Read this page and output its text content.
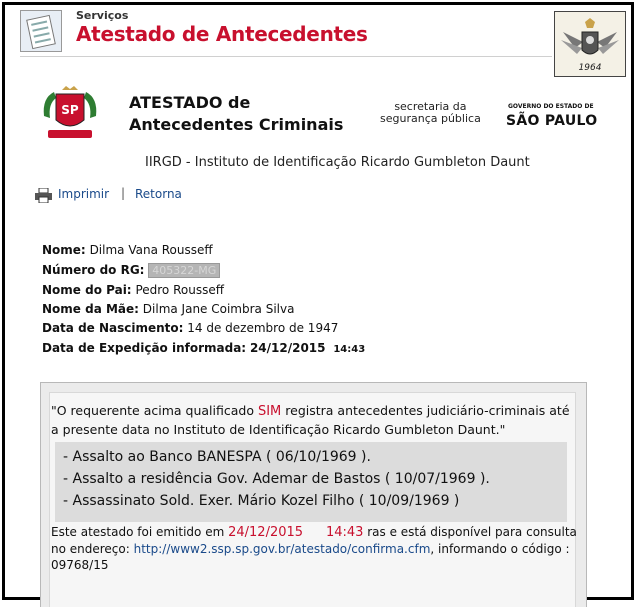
Serviços
Atestado de Antecedentes
1964
SP	ATESTADO de
Antecedentes Criminais
secretaria da
segurança pública
GOVERNO DO ESTADO DE
SÃO PAULO
IIRGD - Instituto de Identificação Ricardo Gumbleton Daunt
Imprimir | Retorna
Nome: Dilma Vana Rousseff
Número do RG: 405322-MG
Nome do Pai: Pedro Rousseff
Nome da Mãe: Dilma Jane Coimbra Silva
Data de Nascimento: 14 de dezembro de 1947
Data de Expedição informada: 24/12/2015 14:43
"O requerente acima qualificado SIM registra antecedentes judiciário-criminais até a presente data no Instituto de Identificação Ricardo Gumbleton Daunt."
- Assalto ao Banco BANESPA ( 06/10/1969 ).
- Assalto a residência Gov. Ademar de Bastos ( 10/07/1969 ).
- Assassinato Sold. Exer. Mário Kozel Filho ( 10/09/1969 )
Este atestado foi emitido em 24/12/2015 14:43 ras e está disponível para consulta no endereço: http://www2.ssp.sp.gov.br/atestado/confirma.cfm, informando o código : 09768/15
